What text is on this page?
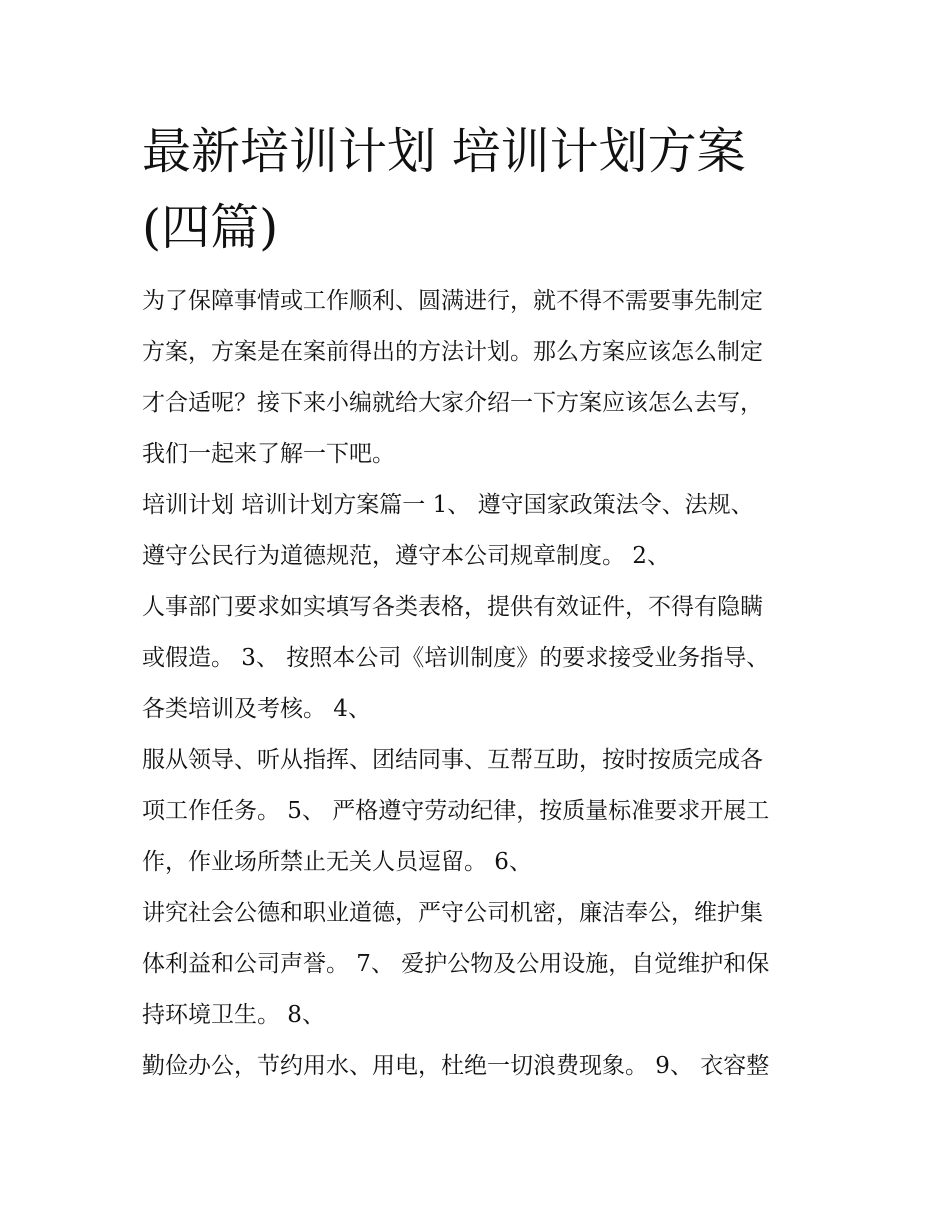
最新培训计划 培训计划方案
(四篇)
为了保障事情或工作顺利、圆满进行，就不得不需要事先制定
方案，方案是在案前得出的方法计划。那么方案应该怎么制定
才合适呢？接下来小编就给大家介绍一下方案应该怎么去写，
我们一起来了解一下吧。
培训计划 培训计划方案篇一 1、 遵守国家政策法令、法规、
遵守公民行为道德规范，遵守本公司规章制度。 2、
人事部门要求如实填写各类表格，提供有效证件，不得有隐瞒
或假造。 3、 按照本公司《培训制度》的要求接受业务指导、
各类培训及考核。 4、
服从领导、听从指挥、团结同事、互帮互助，按时按质完成各
项工作任务。 5、 严格遵守劳动纪律，按质量标准要求开展工
作，作业场所禁止无关人员逗留。 6、
讲究社会公德和职业道德，严守公司机密，廉洁奉公，维护集
体利益和公司声誉。 7、 爱护公物及公用设施，自觉维护和保
持环境卫生。 8、
勤俭办公，节约用水、用电，杜绝一切浪费现象。 9、 衣容整
